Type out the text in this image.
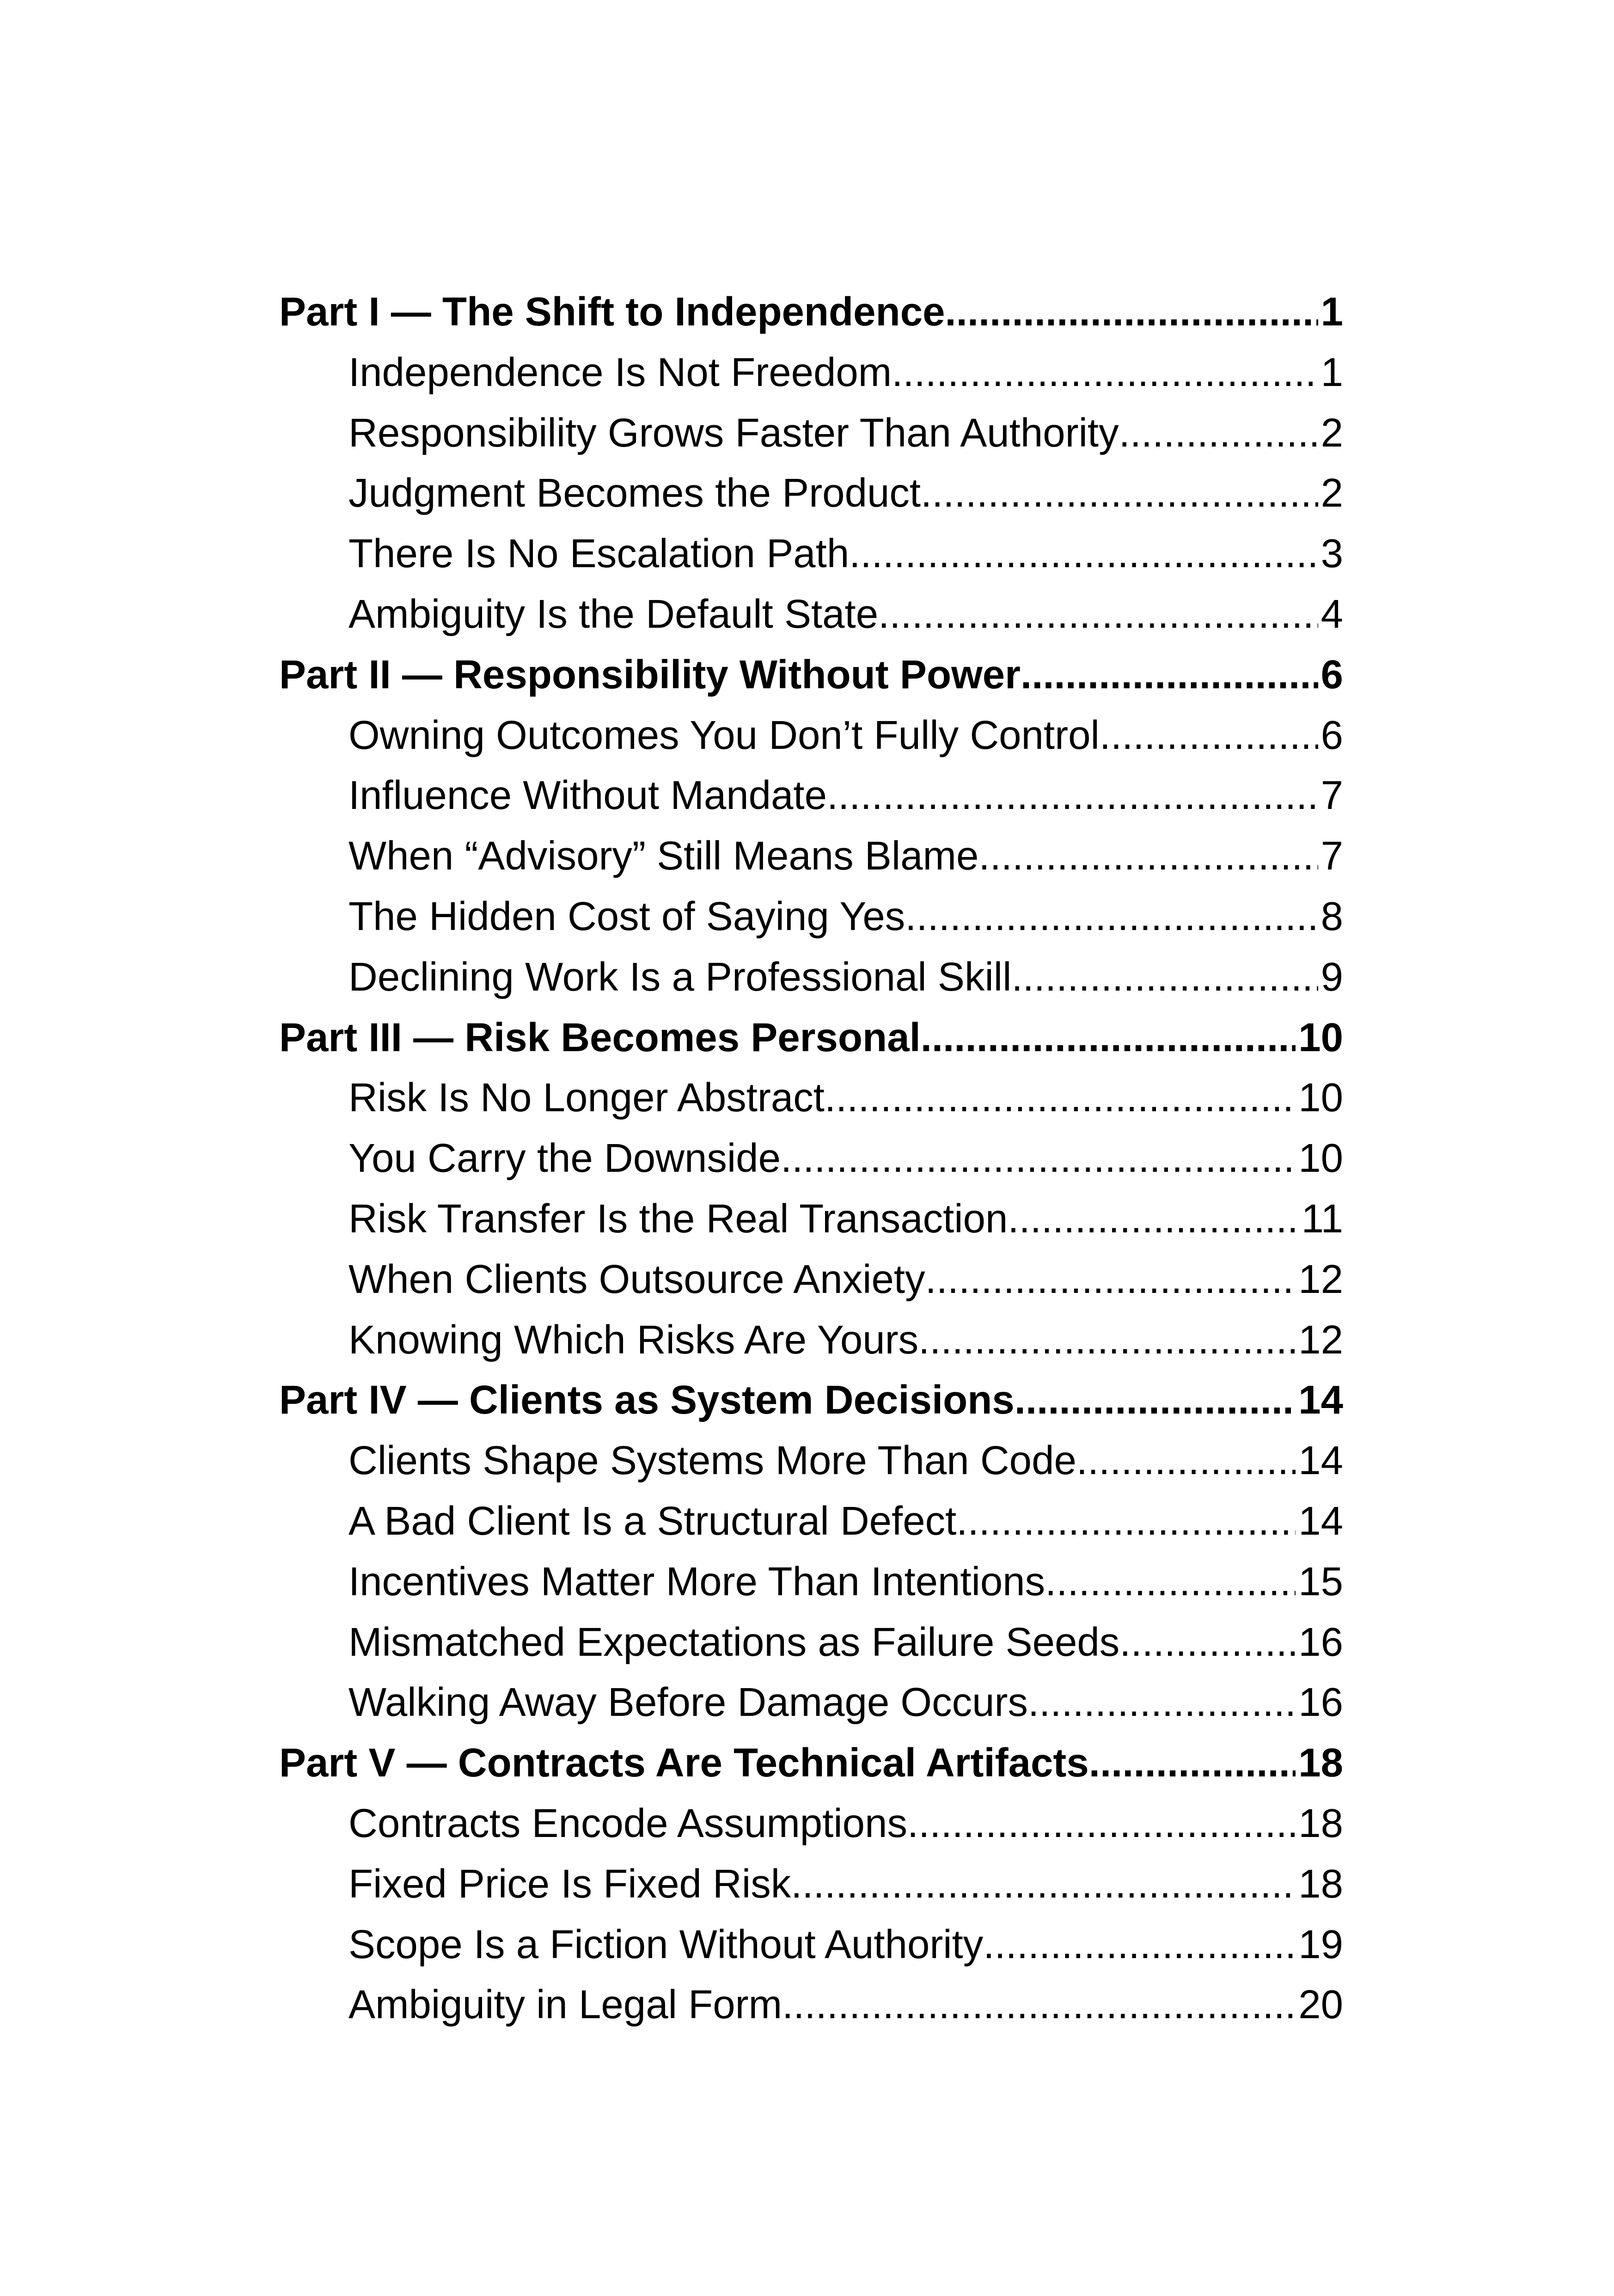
Part I — The Shift to Independence .....	1
Independence Is Not Freedom .....	1
Responsibility Grows Faster Than Authority .....	2
Judgment Becomes the Product .....	2
There Is No Escalation Path .....	3
Ambiguity Is the Default State .....	4
Part II — Responsibility Without Power .....	6
Owning Outcomes You Don’t Fully Control .....	6
Influence Without Mandate .....	7
When “Advisory” Still Means Blame .....	7
The Hidden Cost of Saying Yes .....	8
Declining Work Is a Professional Skill .....	9
Part III — Risk Becomes Personal .....	10
Risk Is No Longer Abstract .....	10
You Carry the Downside .....	10
Risk Transfer Is the Real Transaction .....	11
When Clients Outsource Anxiety .....	12
Knowing Which Risks Are Yours .....	12
Part IV — Clients as System Decisions .....	14
Clients Shape Systems More Than Code .....	14
A Bad Client Is a Structural Defect .....	14
Incentives Matter More Than Intentions .....	15
Mismatched Expectations as Failure Seeds .....	16
Walking Away Before Damage Occurs .....	16
Part V — Contracts Are Technical Artifacts .....	18
Contracts Encode Assumptions .....	18
Fixed Price Is Fixed Risk .....	18
Scope Is a Fiction Without Authority .....	19
Ambiguity in Legal Form .....	20
